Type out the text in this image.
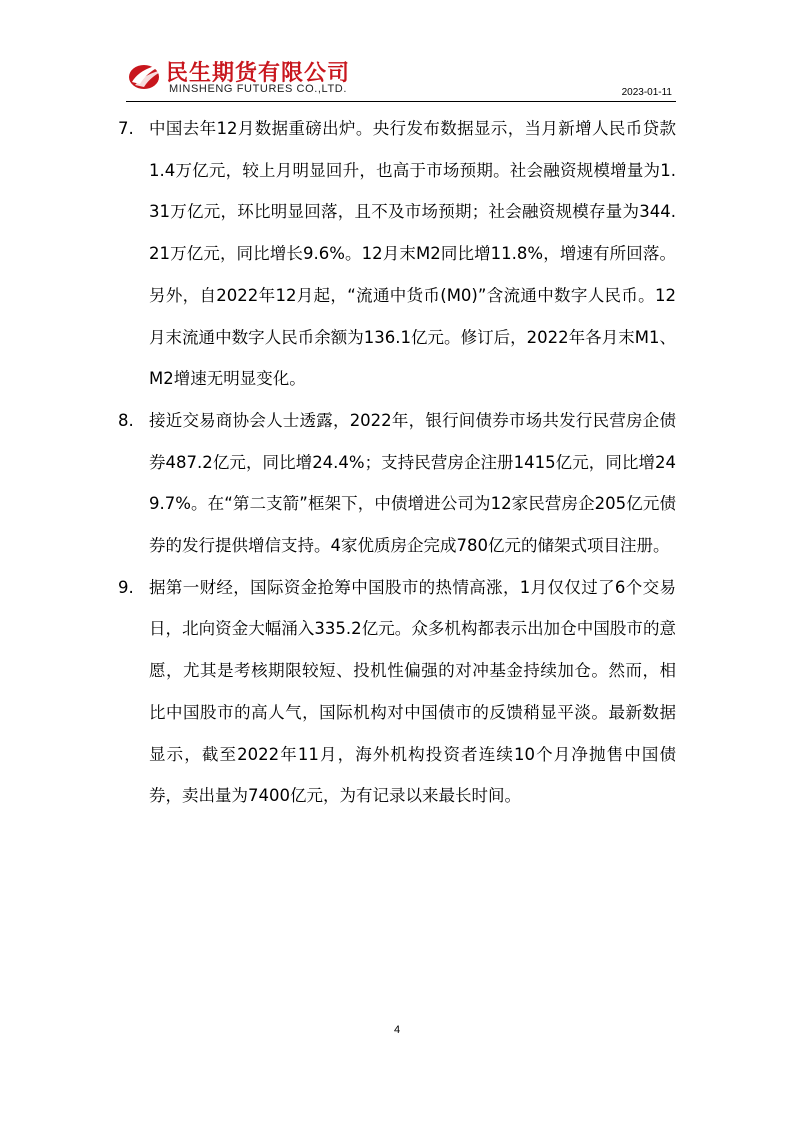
民生期货有限公司
MINSHENG FUTURES CO.,LTD.	2023-01-11
7. 中国去年12月数据重磅出炉。央行发布数据显示，当月新增人民币贷款1.4万亿元，较上月明显回升，也高于市场预期。社会融资规模增量为1.31万亿元，环比明显回落，且不及市场预期；社会融资规模存量为344.21万亿元，同比增长9.6%。12月末M2同比增11.8%，增速有所回落。另外，自2022年12月起，“流通中货币(M0)”含流通中数字人民币。12月末流通中数字人民币余额为136.1亿元。修订后，2022年各月末M1、M2增速无明显变化。
8. 接近交易商协会人士透露，2022年，银行间债券市场共发行民营房企债券487.2亿元，同比增24.4%；支持民营房企注册1415亿元，同比增249.7%。在“第二支箭”框架下，中债增进公司为12家民营房企205亿元债券的发行提供增信支持。4家优质房企完成780亿元的储架式项目注册。
9. 据第一财经，国际资金抢筹中国股市的热情高涨，1月仅仅过了6个交易日，北向资金大幅涌入335.2亿元。众多机构都表示出加仓中国股市的意愿，尤其是考核期限较短、投机性偏强的对冲基金持续加仓。然而，相比中国股市的高人气，国际机构对中国债市的反馈稍显平淡。最新数据显示，截至2022年11月，海外机构投资者连续10个月净抛售中国债券，卖出量为7400亿元，为有记录以来最长时间。
4
